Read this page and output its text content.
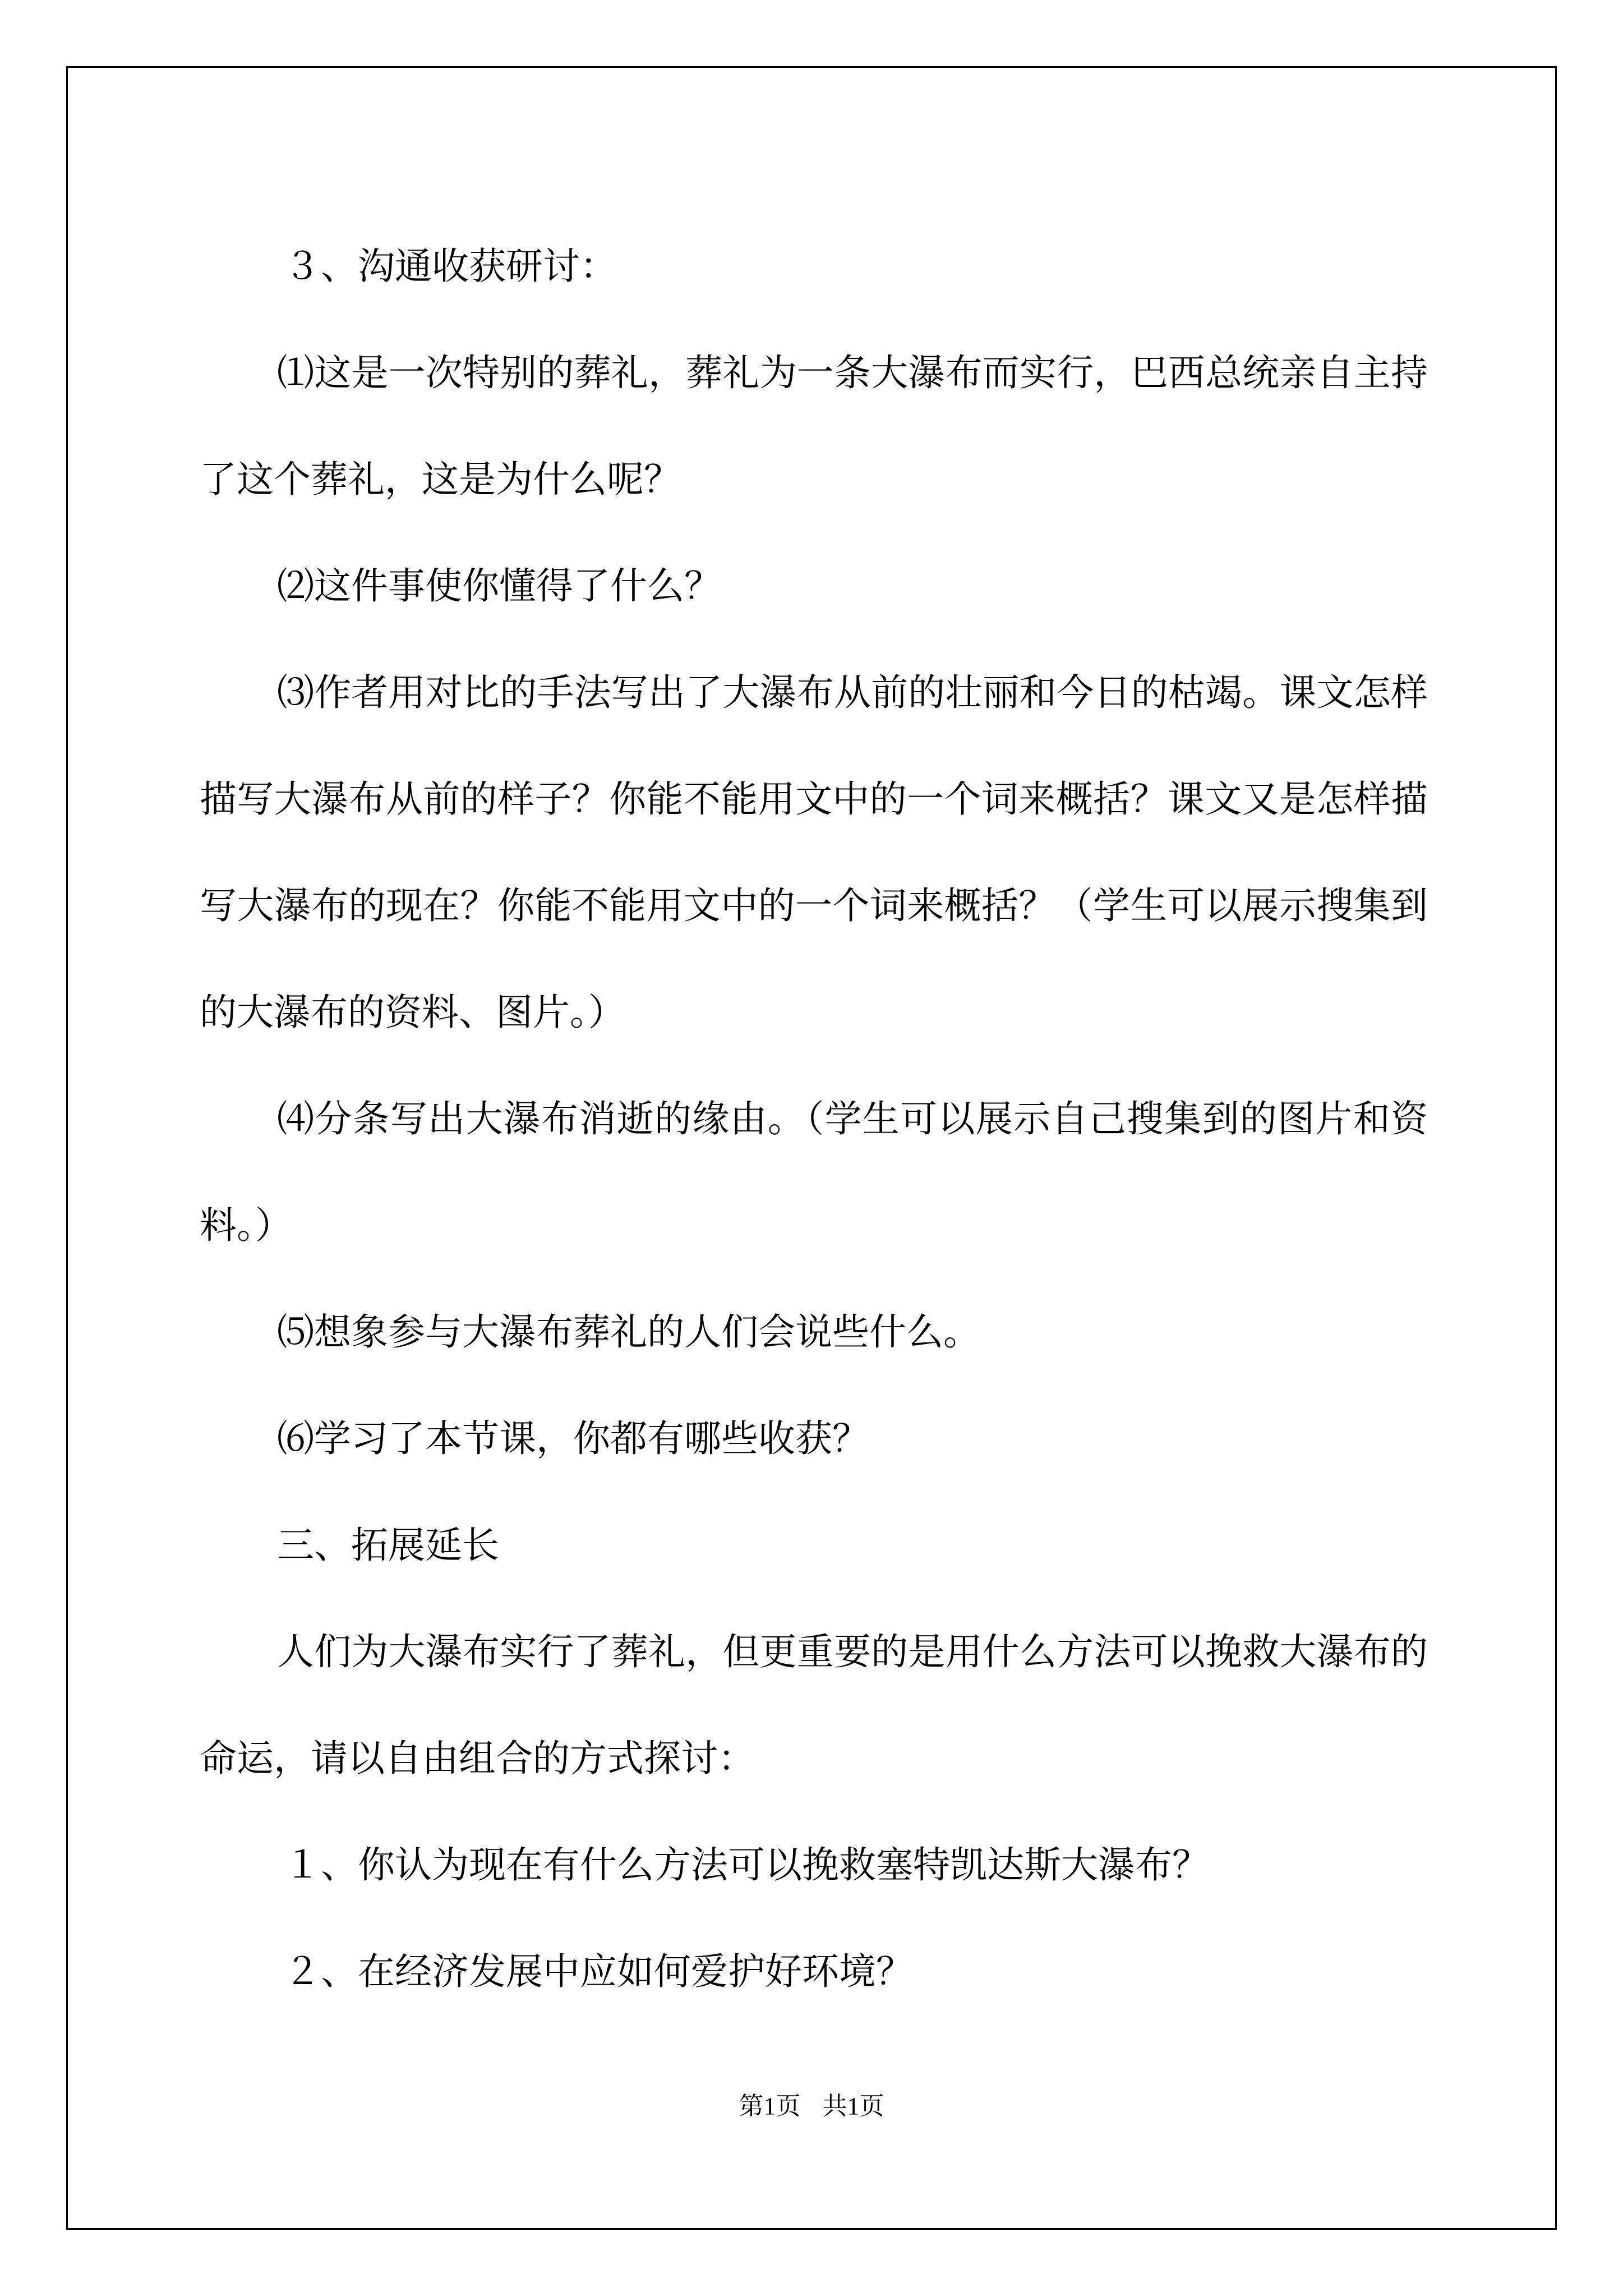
３、沟通收获研讨：

⑴这是一次特别的葬礼，葬礼为一条大瀑布而实行，巴西总统亲自主持了这个葬礼，这是为什么呢？

⑵这件事使你懂得了什么？

⑶作者用对比的手法写出了大瀑布从前的壮丽和今日的枯竭。课文怎样描写大瀑布从前的样子？你能不能用文中的一个词来概括？课文又是怎样描写大瀑布的现在？你能不能用文中的一个词来概括？（学生可以展示搜集到的大瀑布的资料、图片。）

⑷分条写出大瀑布消逝的缘由。（学生可以展示自己搜集到的图片和资料。）

⑸想象参与大瀑布葬礼的人们会说些什么。

⑹学习了本节课，你都有哪些收获？

三、拓展延长

人们为大瀑布实行了葬礼，但更重要的是用什么方法可以挽救大瀑布的命运，请以自由组合的方式探讨：

１、你认为现在有什么方法可以挽救塞特凯达斯大瀑布？

２、在经济发展中应如何爱护好环境？

第1页 共1页
